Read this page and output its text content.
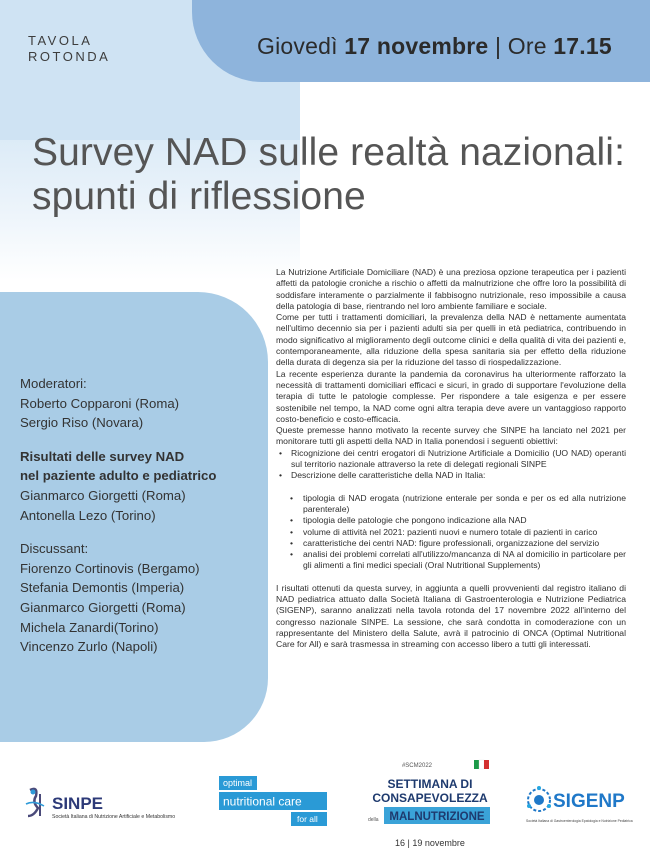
TAVOLA
ROTONDA	Giovedì 17 novembre | Ore 17.15
Survey NAD sulle realtà nazionali:
spunti di riflessione
Moderatori:
Roberto Copparoni (Roma)
Sergio Riso (Novara)
Risultati delle survey NAD
nel paziente adulto e pediatrico
Gianmarco Giorgetti (Roma)
Antonella Lezo (Torino)
Discussant:
Fiorenzo Cortinovis (Bergamo)
Stefania Demontis (Imperia)
Gianmarco Giorgetti (Roma)
Michela Zanardi(Torino)
Vincenzo Zurlo (Napoli)

La Nutrizione Artificiale Domiciliare (NAD) è una preziosa opzione terapeutica per i pazienti affetti da patologie croniche a rischio o affetti da malnutrizione che offre loro la possibilità di soddisfare interamente o parzialmente il fabbisogno nutrizionale, reso impossibile a causa della patologia di base, rientrando nel loro ambiente familiare e sociale.

Come per tutti i trattamenti domiciliari, la prevalenza della NAD è nettamente aumentata nell'ultimo decennio sia per i pazienti adulti sia per quelli in età pediatrica, contribuendo in modo significativo al miglioramento degli outcome clinici e della qualità di vita dei pazienti e, contemporaneamente, alla riduzione della spesa sanitaria sia per effetto della riduzione della durata di degenza sia per la riduzione del tasso di riospedalizzazione.

La recente esperienza durante la pandemia da coronavirus ha ulteriormente rafforzato la necessità di trattamenti domiciliari efficaci e sicuri, in grado di supportare l'evoluzione della terapia di tutte le patologie complesse. Per rispondere a tale esigenza e per essere sostenibile nel tempo, la NAD come ogni altra terapia deve avere un vantaggioso rapporto costo-beneficio e costo-efficacia.

Queste premesse hanno motivato la recente survey che SINPE ha lanciato nel 2021 per monitorare tutti gli aspetti della NAD in Italia ponendosi i seguenti obiettivi:

• Ricognizione dei centri erogatori di Nutrizione Artificiale a Domicilio (UO NAD) operanti sul territorio nazionale attraverso la rete di delegati regionali SINPE
• Descrizione delle caratteristiche della NAD in Italia:
• tipologia di NAD erogata (nutrizione enterale per sonda e per os ed alla nutrizione parenterale)
• tipologia delle patologie che pongono indicazione alla NAD
• volume di attività nel 2021: pazienti nuovi e numero totale di pazienti in carico
• caratteristiche dei centri NAD: figure professionali, organizzazione del servizio
• analisi dei problemi correlati all'utilizzo/mancanza di NA al domicilio in particolare per gli alimenti a fini medici speciali (Oral Nutritional Supplements)

I risultati ottenuti da questa survey, in aggiunta a quelli provvenienti dal registro italiano di NAD pediatrica attuato dalla Società Italiana di Gastroenterologia e Nutrizione Pediatrica (SIGENP), saranno analizzati nella tavola rotonda del 17 novembre 2022 all'interno del congresso nazionale SINPE. La sessione, che sarà condotta in comoderazione con un rappresentante del Ministero della Salute, avrà il patrocinio di ONCA (Optimal Nutritional Care for All) e sarà trasmessa in streaming con accesso libero a tutti gli interessati.

SINPE
Società Italiana di Nutrizione Artificiale e Metabolismo
optimal
nutritional care
for all
#SCM2022
SETTIMANA DI
CONSAPEVOLEZZA
della MALNUTRIZIONE
16 | 19 novembre
SIGENP
Società Italiana di Gastroenterologia Epatologia e Nutrizione Pediatrica
